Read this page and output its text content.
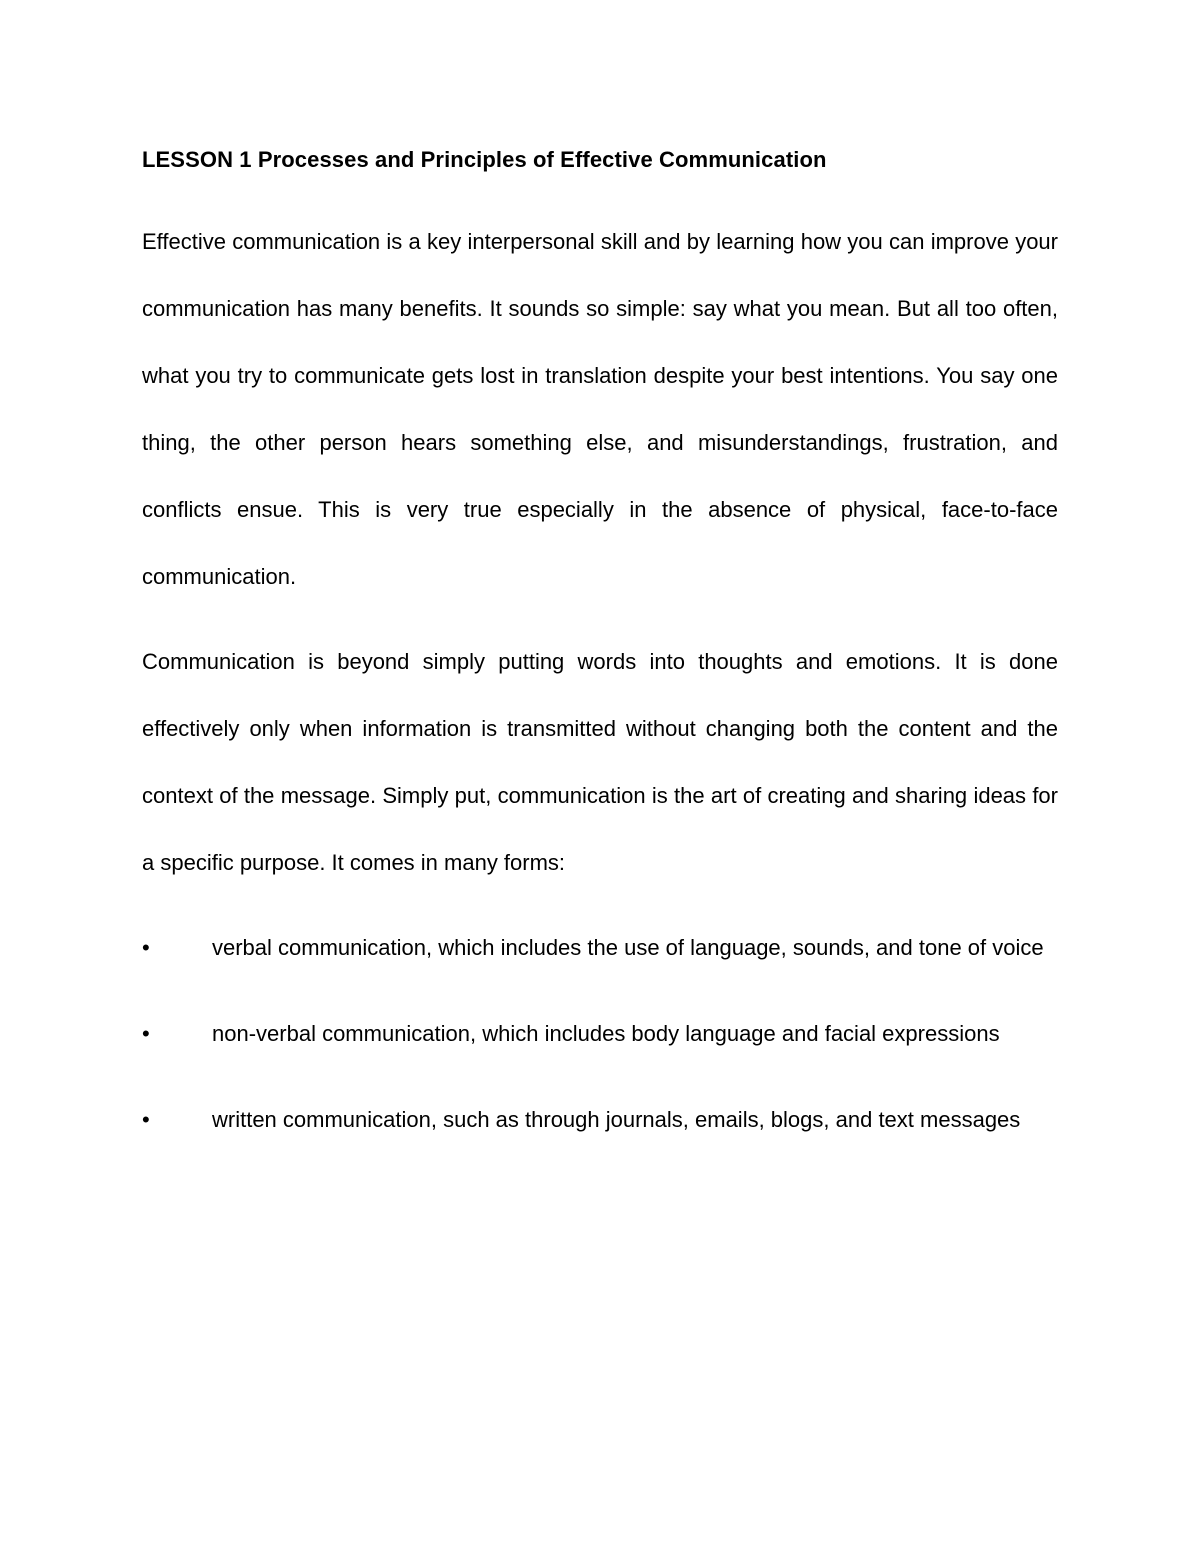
LESSON 1 Processes and Principles of Effective Communication

Effective communication is a key interpersonal skill and by learning how you can improve your communication has many benefits. It sounds so simple: say what you mean. But all too often, what you try to communicate gets lost in translation despite your best intentions. You say one thing, the other person hears something else, and misunderstandings, frustration, and conflicts ensue. This is very true especially in the absence of physical, face-to-face communication.

Communication is beyond simply putting words into thoughts and emotions. It is done effectively only when information is transmitted without changing both the content and the context of the message. Simply put, communication is the art of creating and sharing ideas for a specific purpose. It comes in many forms:

•	verbal communication, which includes the use of language, sounds, and tone of voice
•	non-verbal communication, which includes body language and facial expressions
•	written communication, such as through journals, emails, blogs, and text messages
